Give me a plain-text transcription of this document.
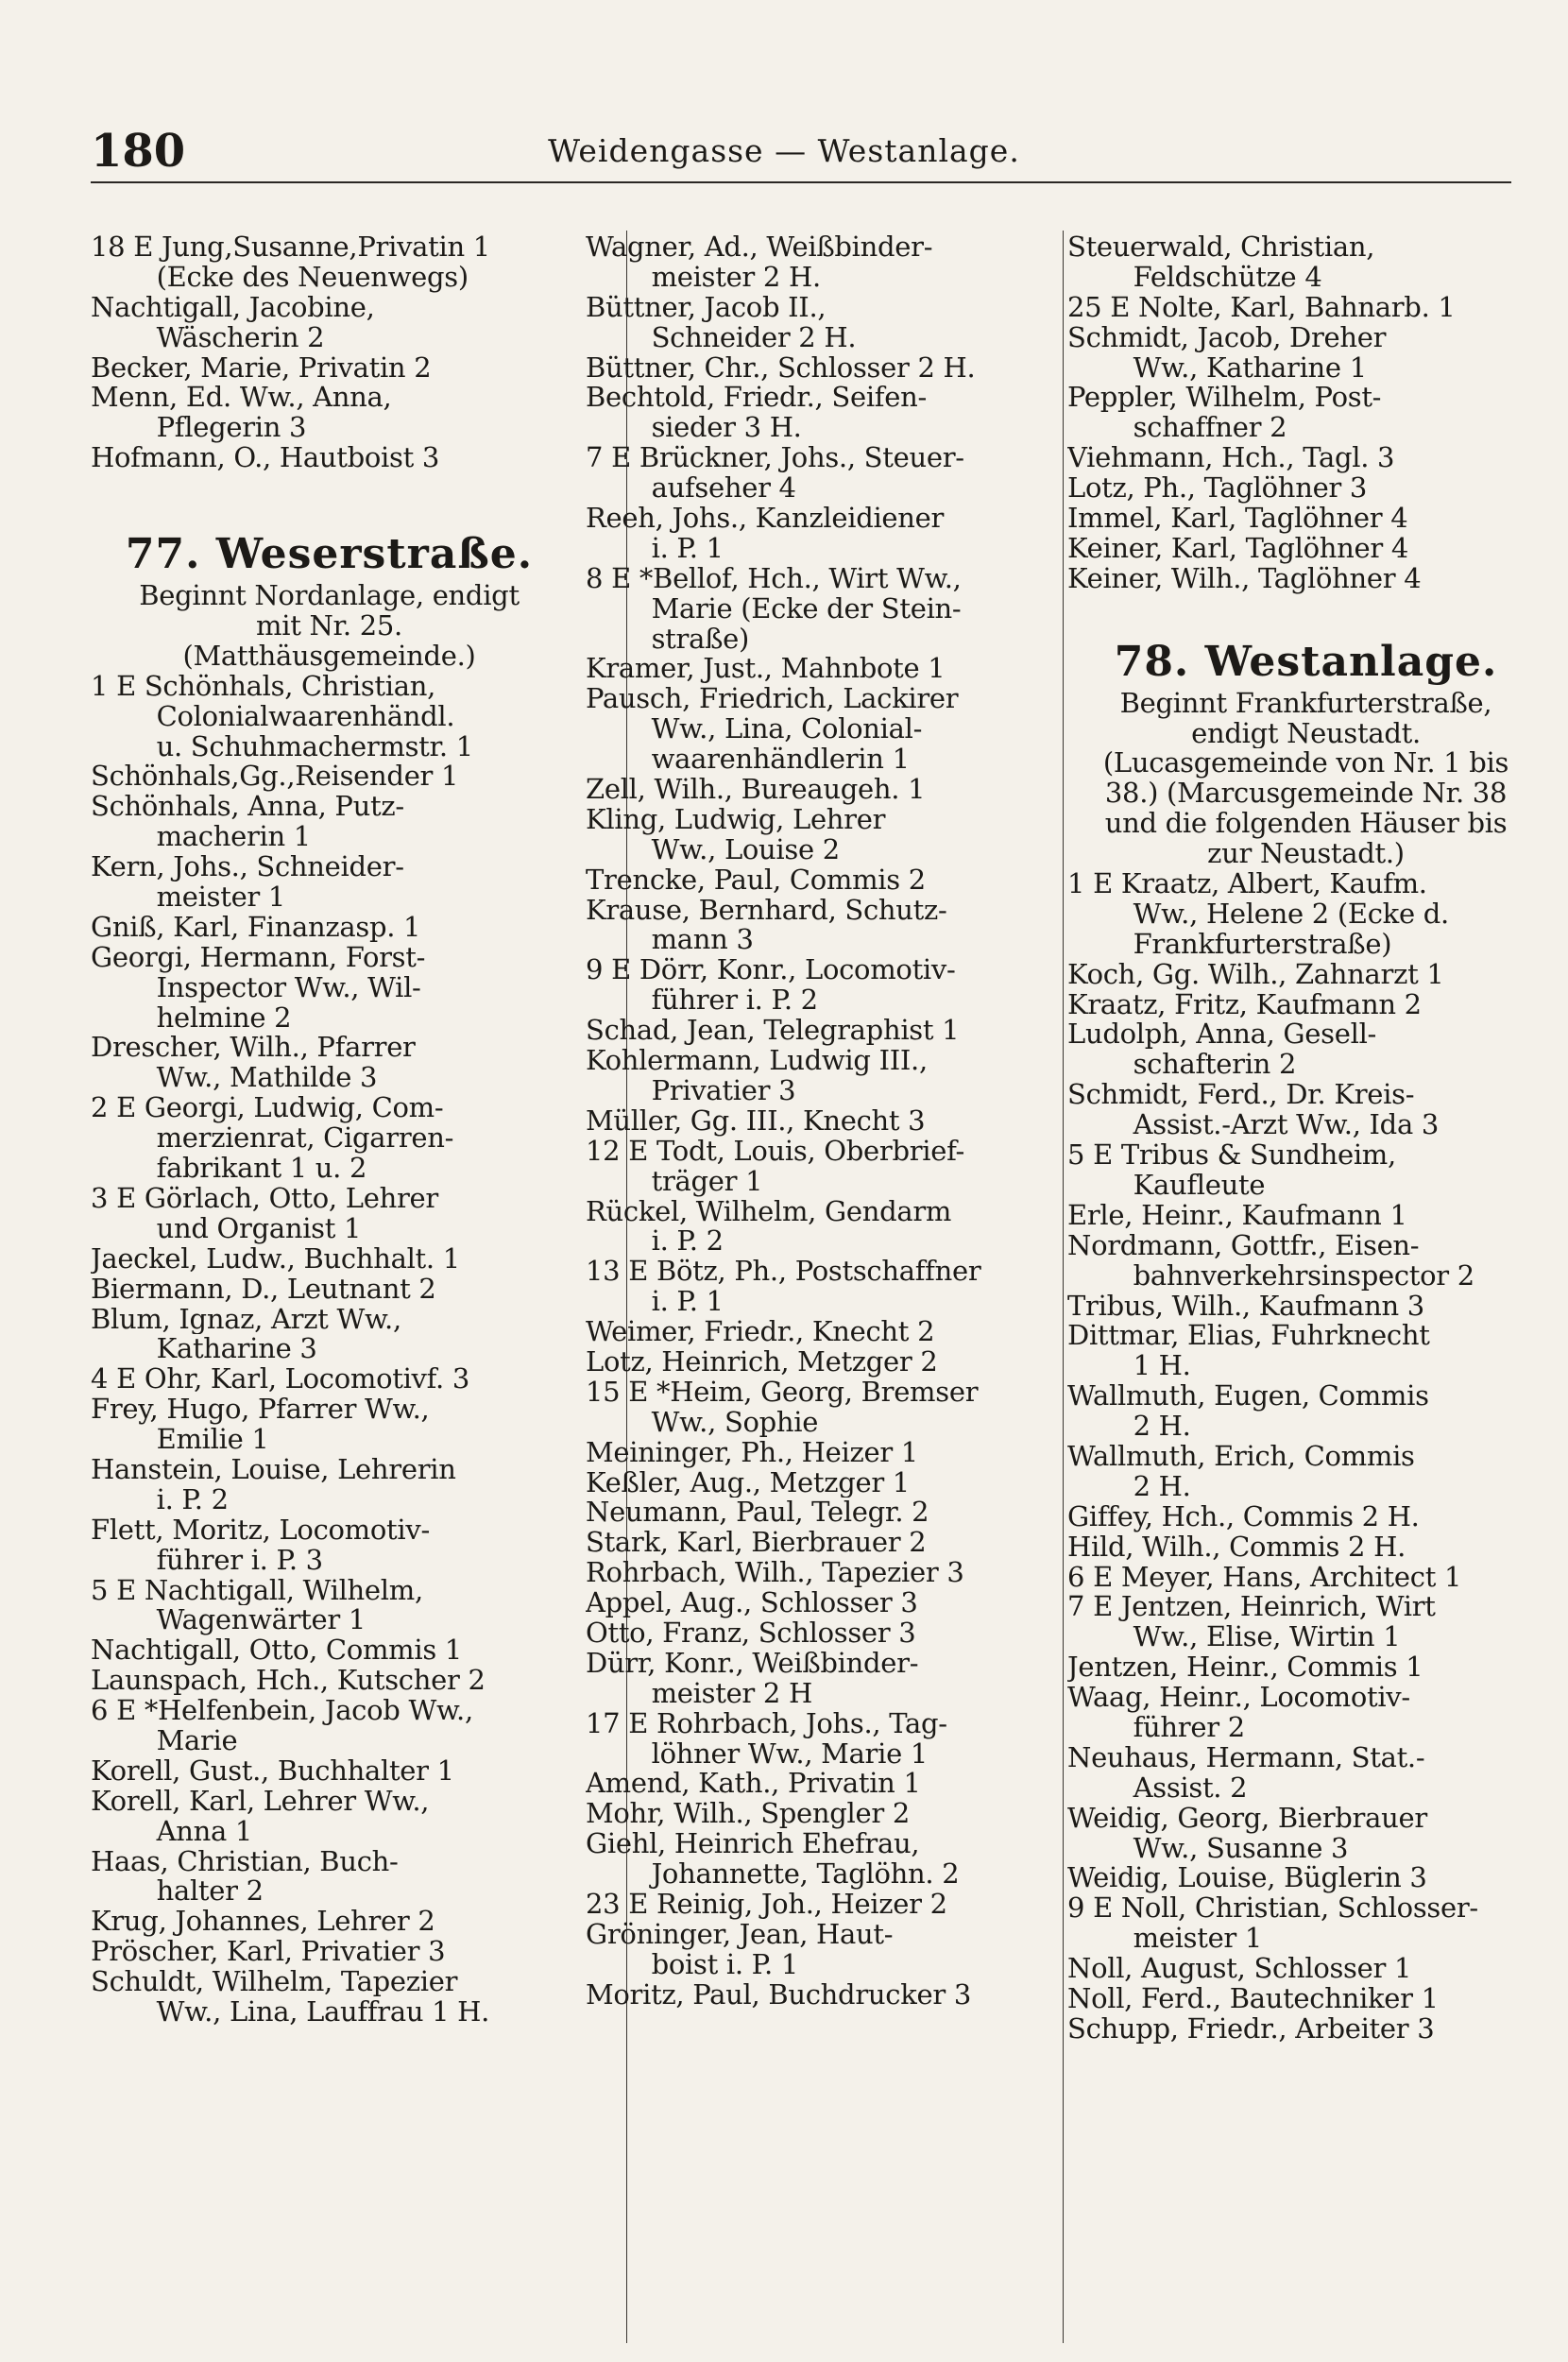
180	Weidengasse — Westanlage.
18 E Jung,Susanne,Privatin 1
(Ecke des Neuenwegs)
Nachtigall, Jacobine,
Wäscherin 2
Becker, Marie, Privatin 2
Menn, Ed. Ww., Anna,
Pflegerin 3
Hofmann, O., Hautboist 3
77. Weserstraße.
Beginnt Nordanlage, endigt
mit Nr. 25.
(Matthäusgemeinde.)
1 E Schönhals, Christian,
Colonialwaarenhändl.
u. Schuhmachermstr. 1
Schönhals,Gg.,Reisender 1
Schönhals, Anna, Putz-
macherin 1
Kern, Johs., Schneider-
meister 1
Gniß, Karl, Finanzasp. 1
Georgi, Hermann, Forst-
Inspector Ww., Wil-
helmine 2
Drescher, Wilh., Pfarrer
Ww., Mathilde 3
2 E Georgi, Ludwig, Com-
merzienrat, Cigarren-
fabrikant 1 u. 2
3 E Görlach, Otto, Lehrer
und Organist 1
Jaeckel, Ludw., Buchhalt. 1
Biermann, D., Leutnant 2
Blum, Ignaz, Arzt Ww.,
Katharine 3
4 E Ohr, Karl, Locomotivf. 3
Frey, Hugo, Pfarrer Ww.,
Emilie 1
Hanstein, Louise, Lehrerin
i. P. 2
Flett, Moritz, Locomotiv-
führer i. P. 3
5 E Nachtigall, Wilhelm,
Wagenwärter 1
Nachtigall, Otto, Commis 1
Launspach, Hch., Kutscher 2
6 E *Helfenbein, Jacob Ww.,
Marie
Korell, Gust., Buchhalter 1
Korell, Karl, Lehrer Ww.,
Anna 1
Haas, Christian, Buch-
halter 2
Krug, Johannes, Lehrer 2
Pröscher, Karl, Privatier 3
Schuldt, Wilhelm, Tapezier
Ww., Lina, Lauffrau 1 H.
Wagner, Ad., Weißbinder-
meister 2 H.
Büttner, Jacob II.,
Schneider 2 H.
Büttner, Chr., Schlosser 2 H.
Bechtold, Friedr., Seifen-
sieder 3 H.
7 E Brückner, Johs., Steuer-
aufseher 4
Reeh, Johs., Kanzleidiener
i. P. 1
8 E *Bellof, Hch., Wirt Ww.,
Marie (Ecke der Stein-
straße)
Kramer, Just., Mahnbote 1
Pausch, Friedrich, Lackirer
Ww., Lina, Colonial-
waarenhändlerin 1
Zell, Wilh., Bureaugeh. 1
Kling, Ludwig, Lehrer
Ww., Louise 2
Trencke, Paul, Commis 2
Krause, Bernhard, Schutz-
mann 3
9 E Dörr, Konr., Locomotiv-
führer i. P. 2
Schad, Jean, Telegraphist 1
Kohlermann, Ludwig III.,
Privatier 3
Müller, Gg. III., Knecht 3
12 E Todt, Louis, Oberbrief-
träger 1
Rückel, Wilhelm, Gendarm
i. P. 2
13 E Bötz, Ph., Postschaffner
i. P. 1
Weimer, Friedr., Knecht 2
Lotz, Heinrich, Metzger 2
15 E *Heim, Georg, Bremser
Ww., Sophie
Meininger, Ph., Heizer 1
Keßler, Aug., Metzger 1
Neumann, Paul, Telegr. 2
Stark, Karl, Bierbrauer 2
Rohrbach, Wilh., Tapezier 3
Appel, Aug., Schlosser 3
Otto, Franz, Schlosser 3
Dürr, Konr., Weißbinder-
meister 2 H
17 E Rohrbach, Johs., Tag-
löhner Ww., Marie 1
Amend, Kath., Privatin 1
Mohr, Wilh., Spengler 2
Giehl, Heinrich Ehefrau,
Johannette, Taglöhn. 2
23 E Reinig, Joh., Heizer 2
Gröninger, Jean, Haut-
boist i. P. 1
Moritz, Paul, Buchdrucker 3
Steuerwald, Christian,
Feldschütze 4
25 E Nolte, Karl, Bahnarb. 1
Schmidt, Jacob, Dreher
Ww., Katharine 1
Peppler, Wilhelm, Post-
schaffner 2
Viehmann, Hch., Tagl. 3
Lotz, Ph., Taglöhner 3
Immel, Karl, Taglöhner 4
Keiner, Karl, Taglöhner 4
Keiner, Wilh., Taglöhner 4
78. Westanlage.
Beginnt Frankfurterstraße,
endigt Neustadt.
(Lucasgemeinde von Nr. 1 bis
38.) (Marcusgemeinde Nr. 38
und die folgenden Häuser bis
zur Neustadt.)
1 E Kraatz, Albert, Kaufm.
Ww., Helene 2 (Ecke d.
Frankfurterstraße)
Koch, Gg. Wilh., Zahnarzt 1
Kraatz, Fritz, Kaufmann 2
Ludolph, Anna, Gesell-
schafterin 2
Schmidt, Ferd., Dr. Kreis-
Assist.-Arzt Ww., Ida 3
5 E Tribus & Sundheim,
Kaufleute
Erle, Heinr., Kaufmann 1
Nordmann, Gottfr., Eisen-
bahnverkehrsinspector 2
Tribus, Wilh., Kaufmann 3
Dittmar, Elias, Fuhrknecht
1 H.
Wallmuth, Eugen, Commis
2 H.
Wallmuth, Erich, Commis
2 H.
Giffey, Hch., Commis 2 H.
Hild, Wilh., Commis 2 H.
6 E Meyer, Hans, Architect 1
7 E Jentzen, Heinrich, Wirt
Ww., Elise, Wirtin 1
Jentzen, Heinr., Commis 1
Waag, Heinr., Locomotiv-
führer 2
Neuhaus, Hermann, Stat.-
Assist. 2
Weidig, Georg, Bierbrauer
Ww., Susanne 3
Weidig, Louise, Büglerin 3
9 E Noll, Christian, Schlosser-
meister 1
Noll, August, Schlosser 1
Noll, Ferd., Bautechniker 1
Schupp, Friedr., Arbeiter 3
